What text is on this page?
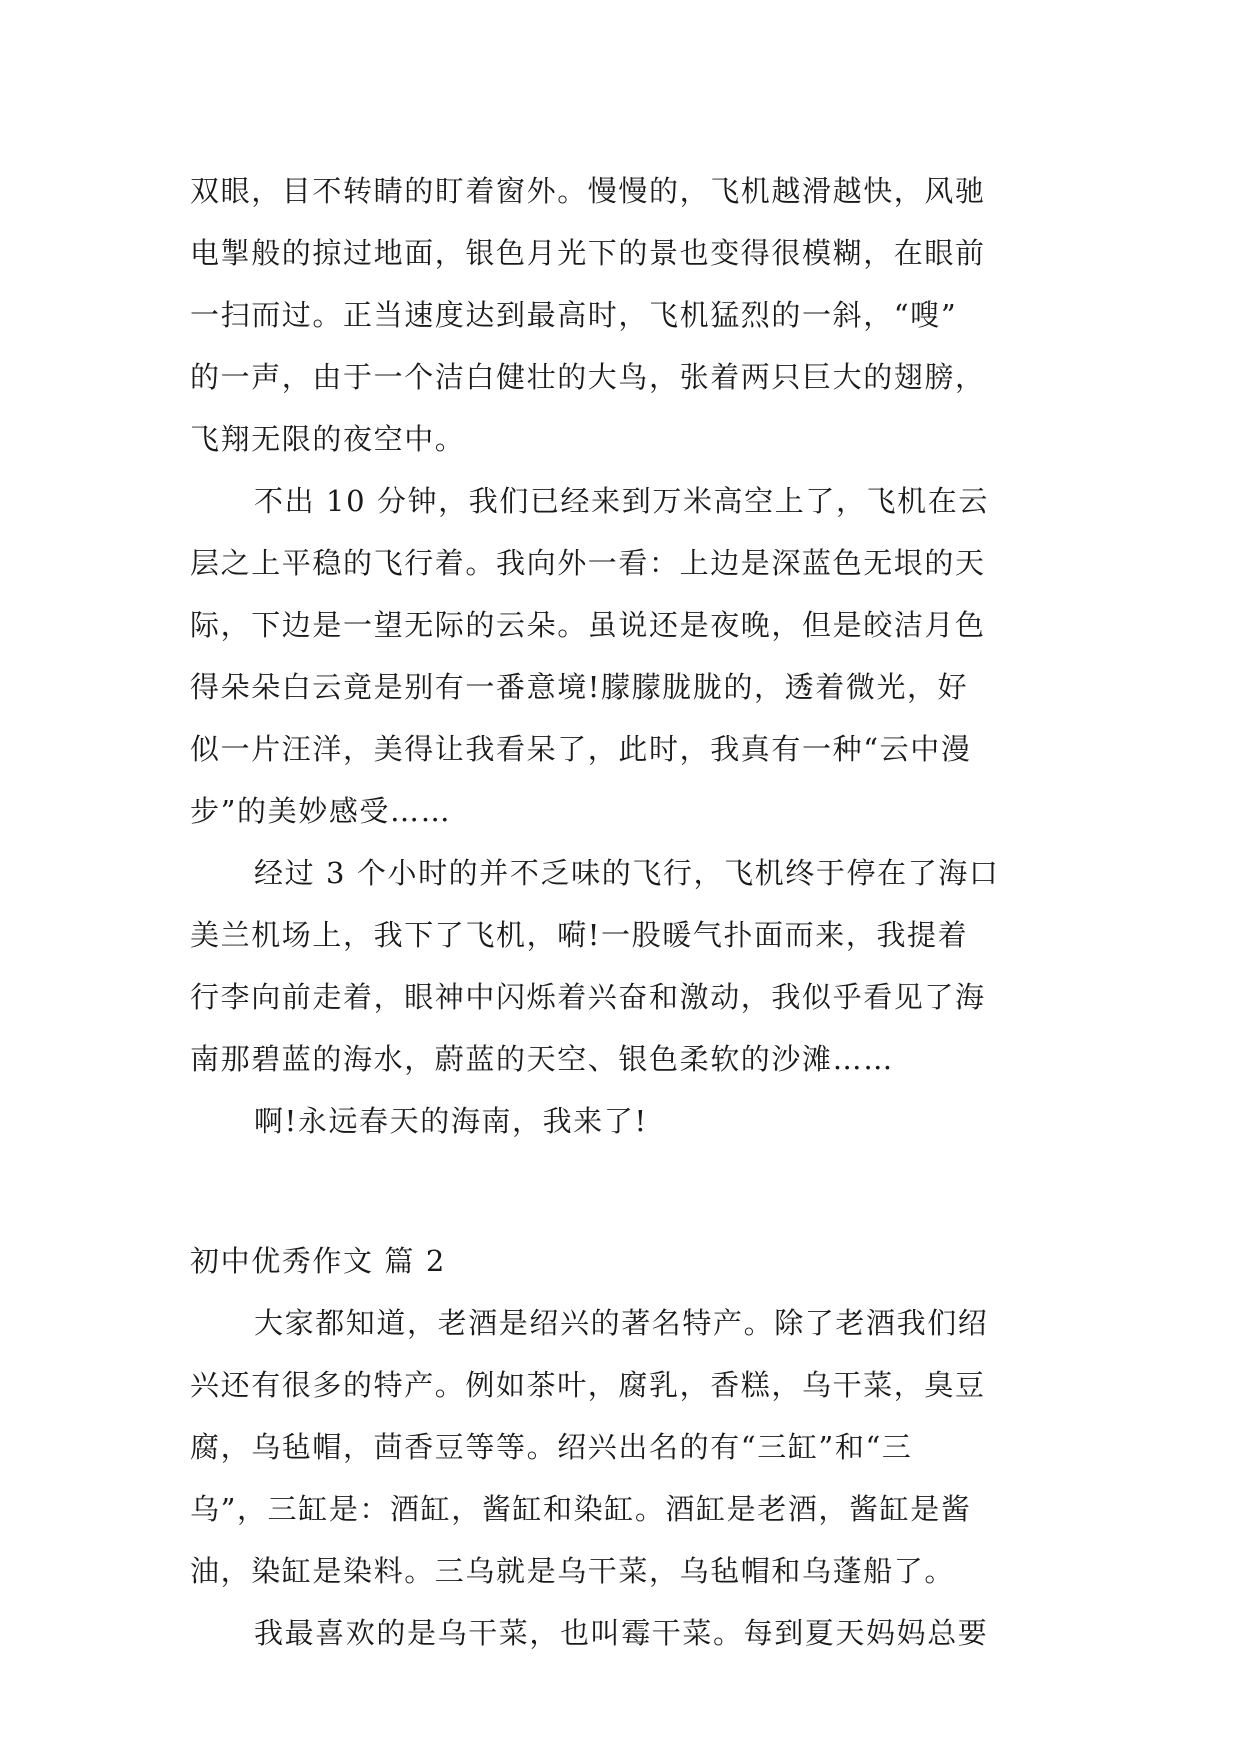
双眼，目不转睛的盯着窗外。慢慢的，飞机越滑越快，风驰
电掣般的掠过地面，银色月光下的景也变得很模糊，在眼前
一扫而过。正当速度达到最高时，飞机猛烈的一斜，“嗖”
的一声，由于一个洁白健壮的大鸟，张着两只巨大的翅膀，
飞翔无限的夜空中。
不出 10 分钟，我们已经来到万米高空上了，飞机在云
层之上平稳的飞行着。我向外一看：上边是深蓝色无垠的天
际，下边是一望无际的云朵。虽说还是夜晚，但是皎洁月色
得朵朵白云竟是别有一番意境!朦朦胧胧的，透着微光，好
似一片汪洋，美得让我看呆了，此时，我真有一种“云中漫
步”的美妙感受……
经过 3 个小时的并不乏味的飞行，飞机终于停在了海口
美兰机场上，我下了飞机，嗬!一股暖气扑面而来，我提着
行李向前走着，眼神中闪烁着兴奋和激动，我似乎看见了海
南那碧蓝的海水，蔚蓝的天空、银色柔软的沙滩……
啊!永远春天的海南，我来了!
初中优秀作文 篇 2
大家都知道，老酒是绍兴的著名特产。除了老酒我们绍
兴还有很多的特产。例如茶叶，腐乳，香糕，乌干菜，臭豆
腐，乌毡帽，茴香豆等等。绍兴出名的有“三缸”和“三
乌”，三缸是：酒缸，酱缸和染缸。酒缸是老酒，酱缸是酱
油，染缸是染料。三乌就是乌干菜，乌毡帽和乌蓬船了。
我最喜欢的是乌干菜，也叫霉干菜。每到夏天妈妈总要
